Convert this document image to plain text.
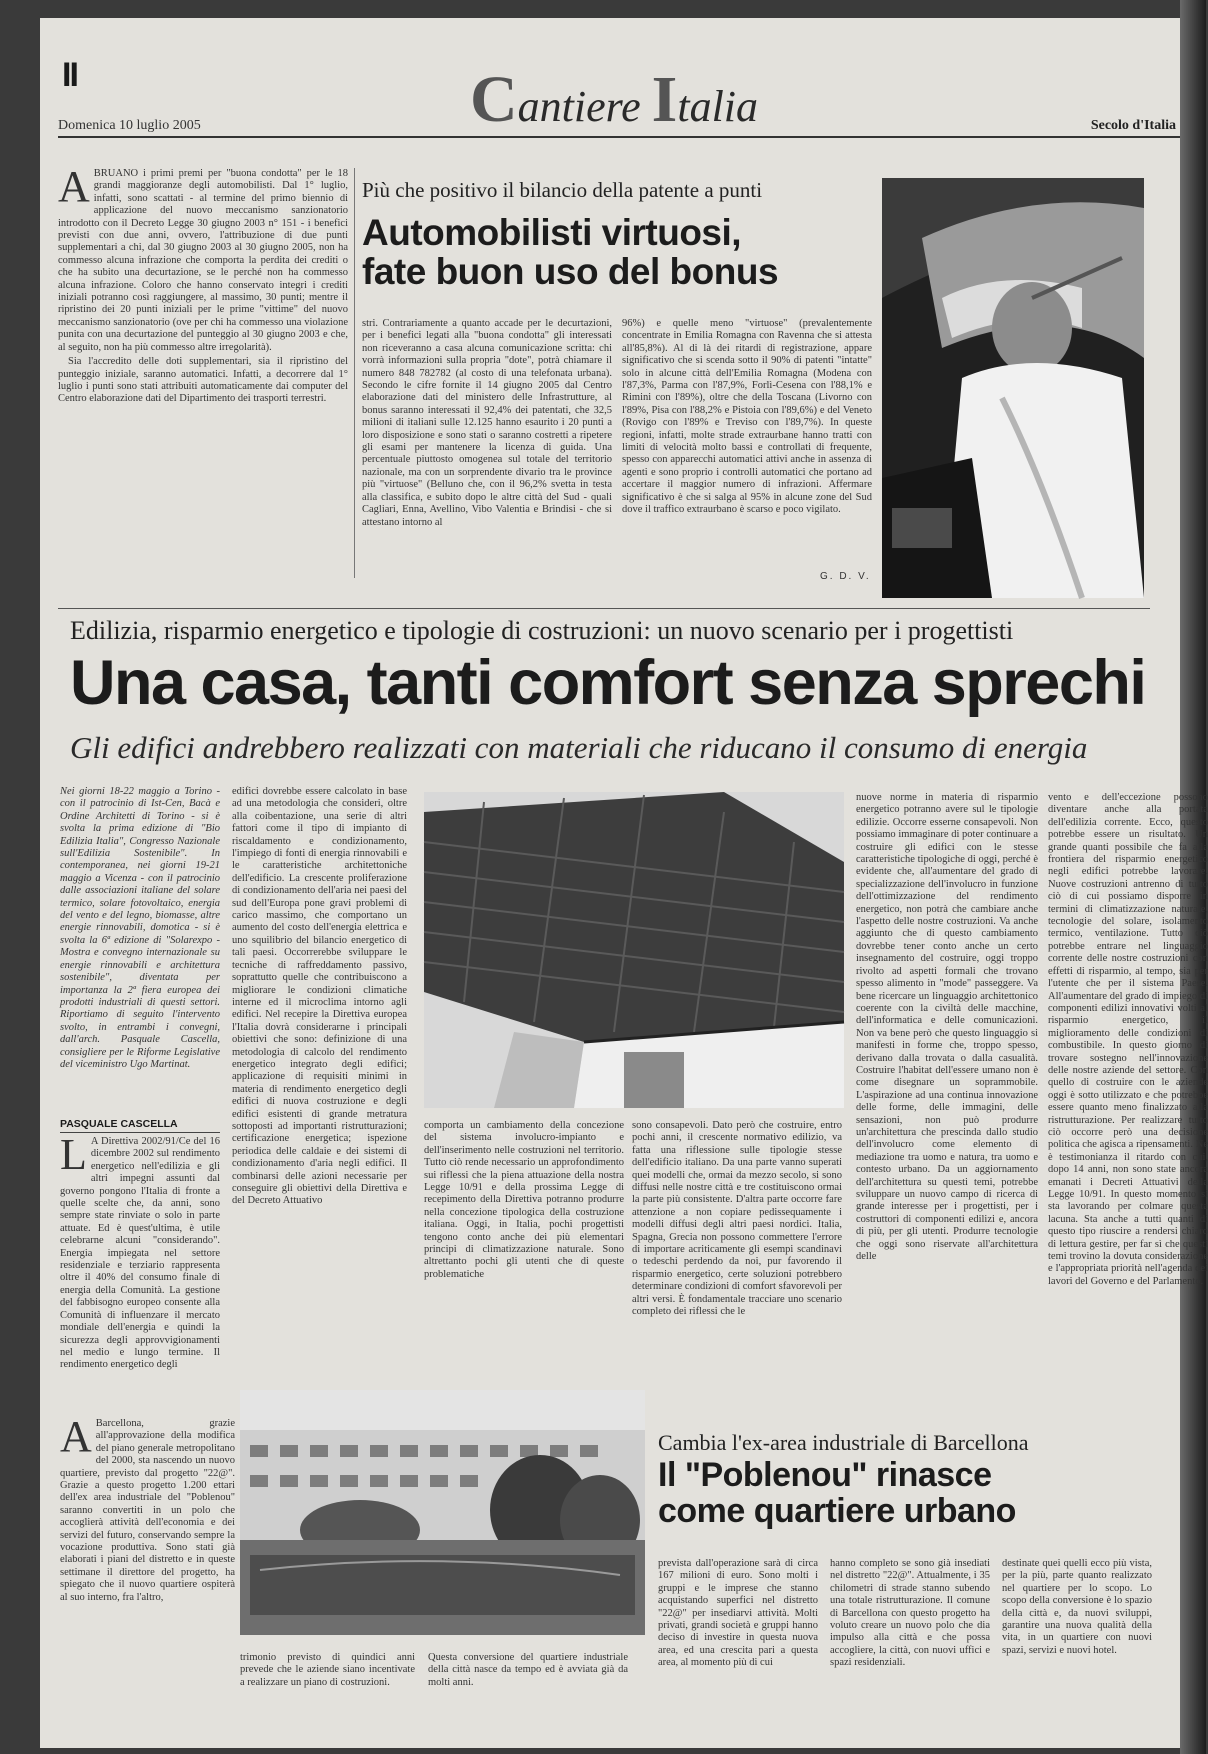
II	Cantiere Italia
Domenica 10 luglio 2005	Secolo d'Italia
ABRUANO i primi premi per "buona condotta" per le 18 grandi maggioranze degli automobilisti. Dal 1° luglio, infatti, sono scattati - al termine del primo biennio di applicazione del nuovo meccanismo sanzionatorio introdotto con il Decreto Legge 30 giugno 2003 n° 151 - i benefici previsti con due anni, ovvero, l'attribuzione di due punti supplementari a chi, dal 30 giugno 2003 al 30 giugno 2005, non ha commesso alcuna infrazione che comporta la perdita dei crediti o che ha subito una decurtazione, se le perché non ha commesso alcuna infrazione. Coloro che hanno conservato integri i crediti iniziali potranno così raggiungere, al massimo, 30 punti; mentre il ripristino dei 20 punti iniziali per le prime "vittime" del nuovo meccanismo sanzionatorio (ove per chi ha commesso una violazione punita con una decurtazione del punteggio al 30 giugno 2003 e che, al seguito, non ha più commesso altre irregolarità).

Sia l'accredito delle doti supplementari, sia il ripristino del punteggio iniziale, saranno automatici. Infatti, a decorrere dal 1° luglio i punti sono stati attribuiti automaticamente dai computer del Centro elaborazione dati del Dipartimento dei trasporti terrestri.

Più che positivo il bilancio della patente a punti
Automobilisti virtuosi,
fate buon uso del bonus
stri. Contrariamente a quanto accade per le decurtazioni, per i benefici legati alla "buona condotta" gli interessati non riceveranno a casa alcuna comunicazione scritta: chi vorrà informazioni sulla propria "dote", potrà chiamare il numero 848 782782 (al costo di una telefonata urbana). Secondo le cifre fornite il 14 giugno 2005 dal Centro elaborazione dati del ministero delle Infrastrutture, al bonus saranno interessati il 92,4% dei patentati, che 32,5 milioni di italiani sulle 12.125 hanno esaurito i 20 punti a loro disposizione e sono stati o saranno costretti a ripetere gli esami per mantenere la licenza di guida. Una percentuale piuttosto omogenea sul totale del territorio nazionale, ma con un sorprendente divario tra le province più "virtuose" (Belluno che, con il 96,2% svetta in testa alla classifica, e subito dopo le altre città del Sud - quali Cagliari, Enna, Avellino, Vibo Valentia e Brindisi - che si attestano intorno al
96%) e quelle meno "virtuose" (prevalentemente concentrate in Emilia Romagna con Ravenna che si attesta all'85,8%). Al di là dei ritardi di registrazione, appare significativo che si scenda sotto il 90% di patenti "intatte" solo in alcune città dell'Emilia Romagna (Modena con l'87,3%, Parma con l'87,9%, Forlì-Cesena con l'88,1% e Rimini con l'89%), oltre che della Toscana (Livorno con l'89%, Pisa con l'88,2% e Pistoia con l'89,6%) e del Veneto (Rovigo con l'89% e Treviso con l'89,7%). In queste regioni, infatti, molte strade extraurbane hanno tratti con limiti di velocità molto bassi e controllati di frequente, spesso con apparecchi automatici attivi anche in assenza di agenti e sono proprio i controlli automatici che portano ad accertare il maggior numero di infrazioni. Affermare significativo è che si salga al 95% in alcune zone del Sud dove il traffico extraurbano è scarso e poco vigilato.
G. D. V.
Edilizia, risparmio energetico e tipologie di costruzioni: un nuovo scenario per i progettisti
Una casa, tanti comfort senza sprechi
Gli edifici andrebbero realizzati con materiali che riducano il consumo di energia
Nei giorni 18-22 maggio a Torino - con il patrocinio di Ist-Cen, Bacà e Ordine Architetti di Torino - si è svolta la prima edizione di "Bio Edilizia Italia", Congresso Nazionale sull'Edilizia Sostenibile". In contemporanea, nei giorni 19-21 maggio a Vicenza - con il patrocinio dalle associazioni italiane del solare termico, solare fotovoltaico, energia del vento e del legno, biomasse, altre energie rinnovabili, domotica - si è svolta la 6ª edizione di "Solarexpo - Mostra e convegno internazionale su energie rinnovabili e architettura sostenibile", diventata per importanza la 2ª fiera europea dei prodotti industriali di questi settori. Riportiamo di seguito l'intervento svolto, in entrambi i convegni, dall'arch. Pasquale Cascella, consigliere per le Riforme Legislative del viceministro Ugo Martinat.
PASQUALE CASCELLA
L A Direttiva 2002/91/Ce del 16 dicembre 2002 sul rendimento energetico nell'edilizia e gli altri impegni assunti dal governo pongono l'Italia di fronte a quelle scelte che, da anni, sono sempre state rinviate o solo in parte attuate. Ed è quest'ultima, è utile celebrarne alcuni "considerando". Energia impiegata nel settore residenziale e terziario rappresenta oltre il 40% del consumo finale di energia della Comunità. La gestione del fabbisogno europeo consente alla Comunità di influenzare il mercato mondiale dell'energia e quindi la sicurezza degli approvvigionamenti nel medio e lungo termine. Il rendimento energetico degli
edifici dovrebbe essere calcolato in base ad una metodologia che consideri, oltre alla coibentazione, una serie di altri fattori come il tipo di impianto di riscaldamento e condizionamento, l'impiego di fonti di energia rinnovabili e le caratteristiche architettoniche dell'edificio. La crescente proliferazione di condizionamento dell'aria nei paesi del sud dell'Europa pone gravi problemi di carico massimo, che comportano un aumento del costo dell'energia elettrica e uno squilibrio del bilancio energetico di tali paesi. Occorrerebbe sviluppare le tecniche di raffreddamento passivo, soprattutto quelle che contribuiscono a migliorare le condizioni climatiche interne ed il microclima intorno agli edifici. Nel recepire la Direttiva europea l'Italia dovrà considerarne i principali obiettivi che sono: definizione di una metodologia di calcolo del rendimento energetico integrato degli edifici; applicazione di requisiti minimi in materia di rendimento energetico degli edifici di nuova costruzione e degli edifici esistenti di grande metratura sottoposti ad importanti ristrutturazioni; certificazione energetica; ispezione periodica delle caldaie e dei sistemi di condizionamento d'aria negli edifici. Il combinarsi delle azioni necessarie per conseguire gli obiettivi della Direttiva e del Decreto Attuativo
comporta un cambiamento della concezione del sistema involucro-impianto e dell'inserimento nelle costruzioni nel territorio. Tutto ciò rende necessario un approfondimento sui riflessi che la piena attuazione della nostra Legge 10/91 e della prossima Legge di recepimento della Direttiva potranno produrre nella concezione tipologica della costruzione italiana. Oggi, in Italia, pochi progettisti tengono conto anche dei più elementari principi di climatizzazione naturale. Sono altrettanto pochi gli utenti che di queste problematiche
sono consapevoli. Dato però che costruire, entro pochi anni, il crescente normativo edilizio, va fatta una riflessione sulle tipologie stesse dell'edificio italiano. Da una parte vanno superati quei modelli che, ormai da mezzo secolo, si sono diffusi nelle nostre città e tre costituiscono ormai la parte più consistente. D'altra parte occorre fare attenzione a non copiare pedissequamente i modelli diffusi degli altri paesi nordici. Italia, Spagna, Grecia non possono commettere l'errore di importare acriticamente gli esempi scandinavi o tedeschi perdendo da noi, pur favorendo il risparmio energetico, certe soluzioni potrebbero determinare condizioni di comfort sfavorevoli per altri versi. È fondamentale tracciare uno scenario completo dei riflessi che le
nuove norme in materia di risparmio energetico potranno avere sul le tipologie edilizie. Occorre esserne consapevoli. Non possiamo immaginare di poter continuare a costruire gli edifici con le stesse caratteristiche tipologiche di oggi, perché è evidente che, all'aumentare del grado di specializzazione dell'involucro in funzione dell'ottimizzazione del rendimento energetico, non potrà che cambiare anche l'aspetto delle nostre costruzioni. Va anche aggiunto che di questo cambiamento dovrebbe tener conto anche un certo insegnamento del costruire, oggi troppo rivolto ad aspetti formali che trovano spesso alimento in "mode" passeggere. Va bene ricercare un linguaggio architettonico coerente con la civiltà delle macchine, dell'informatica e delle comunicazioni. Non va bene però che questo linguaggio si manifesti in forme che, troppo spesso, derivano dalla trovata o dalla casualità. Costruire l'habitat dell'essere umano non è come disegnare un soprammobile. L'aspirazione ad una continua innovazione delle forme, delle immagini, delle sensazioni, non può produrre un'architettura che prescinda dallo studio dell'involucro come elemento di mediazione tra uomo e natura, tra uomo e contesto urbano. Da un aggiornamento dell'architettura su questi temi, potrebbe sviluppare un nuovo campo di ricerca di grande interesse per i progettisti, per i costruttori di componenti edilizi e, ancora di più, per gli utenti. Produrre tecnologie che oggi sono riservate all'architettura delle
vento e dell'eccezione possono diventare anche alla portata dell'edilizia corrente. Ecco, questo potrebbe essere un risultato. Un grande quanti possibile che fa alla frontiera del risparmio energetico negli edifici potrebbe lavorare. Nuove costruzioni antrenno di tutto ciò di cui possiamo disporre in termini di climatizzazione naturale, tecnologie del solare, isolamento termico, ventilazione. Tutto ciò potrebbe entrare nel linguaggio corrente delle nostre costruzioni con effetti di risparmio, al tempo, sia per l'utente che per il sistema Paese. All'aumentare del grado di impiego di componenti edilizi innovativi volti al risparmio energetico, il miglioramento delle condizioni di combustibile. In questo giorno di trovare sostegno nell'innovazione delle nostre aziende del settore. Con quello di costruire con le aziende oggi è sotto utilizzato e che potrebbe essere quanto meno finalizzato alla ristrutturazione. Per realizzare tutto ciò occorre però una decisione politica che agisca a ripensamenti. Ne è testimonianza il ritardo con cui, dopo 14 anni, non sono state ancora emanati i Decreti Attuativi della Legge 10/91. In questo momento si sta lavorando per colmare questa lacuna. Sta anche a tutti quanti di questo tipo riuscire a rendersi chiaro di lettura gestire, per far sì che questi temi trovino la dovuta considerazione e l'appropriata priorità nell'agenda dei lavori del Governo e del Parlamento.
A Barcellona, grazie all'approvazione della modifica del piano generale metropolitano del 2000, sta nascendo un nuovo quartiere, previsto dal progetto "22@". Grazie a questo progetto 1.200 ettari dell'ex area industriale del "Poblenou" saranno convertiti in un polo che accoglierà attività dell'economia e dei servizi del futuro, conservando sempre la vocazione produttiva. Sono stati già elaborati i piani del distretto e in queste settimane il direttore del progetto, ha spiegato che il nuovo quartiere ospiterà al suo interno, fra l'altro,
trimonio previsto di quindici anni prevede che le aziende siano incentivate a realizzare un piano di costruzioni.
Questa conversione del quartiere industriale della città nasce da tempo ed è avviata già da molti anni.
Cambia l'ex-area industriale di Barcellona
Il "Poblenou" rinasce
come quartiere urbano
prevista dall'operazione sarà di circa 167 milioni di euro. Sono molti i gruppi e le imprese che stanno acquistando superfici nel distretto "22@" per insediarvi attività. Molti privati, grandi società e gruppi hanno deciso di investire in questa nuova area, ed una crescita pari a questa area, al momento più di cui
hanno completo se sono già insediati nel distretto "22@". Attualmente, i 35 chilometri di strade stanno subendo una totale ristrutturazione. Il comune di Barcellona con questo progetto ha voluto creare un nuovo polo che dia impulso alla città e che possa accogliere, la città, con nuovi uffici e spazi residenziali.
destinate quei quelli ecco più vista, per la più, parte quanto realizzato nel quartiere per lo scopo. Lo scopo della conversione è lo spazio della città e, da nuovi sviluppi, garantire una nuova qualità della vita, in un quartiere con nuovi spazi, servizi e nuovi hotel.
